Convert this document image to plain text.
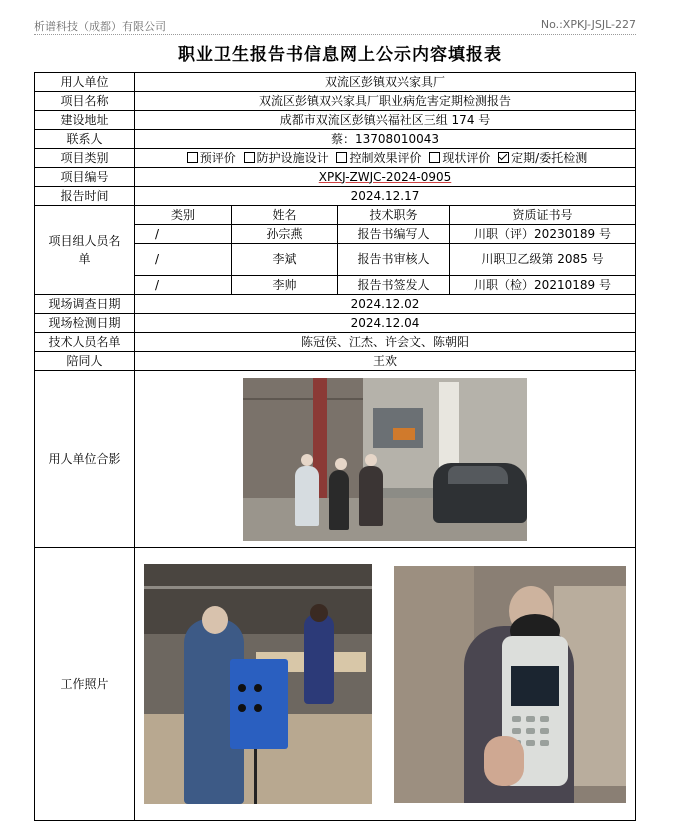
析谱科技（成都）有限公司	No.:XPKJ-JSJL-227
职业卫生报告书信息网上公示内容填报表
用人单位	双流区彭镇双兴家具厂			
项目名称	双流区彭镇双兴家具厂职业病危害定期检测报告			
建设地址	成都市双流区彭镇兴福社区三组 174 号			
联系人	蔡：13708010043			
项目类别	预评价 防护设施设计 控制效果评价 现状评价 定期/委托检测			
项目编号	XPKJ-ZWJC-2024-0905			
报告时间	2024.12.17			
项目组人员名单	类别	姓名	技术职务	资质证书号
	/	孙宗燕	报告书编写人	川职（评）20230189 号
	/	李斌	报告书审核人	川职卫乙级第 2085 号
	/	李帅	报告书签发人	川职（检）20210189 号
现场调查日期	2024.12.02			
现场检测日期	2024.12.04			
技术人员名单	陈冠侯、江杰、许会文、陈朝阳			
陪同人	王欢			
用人单位合影				

工作照片				
